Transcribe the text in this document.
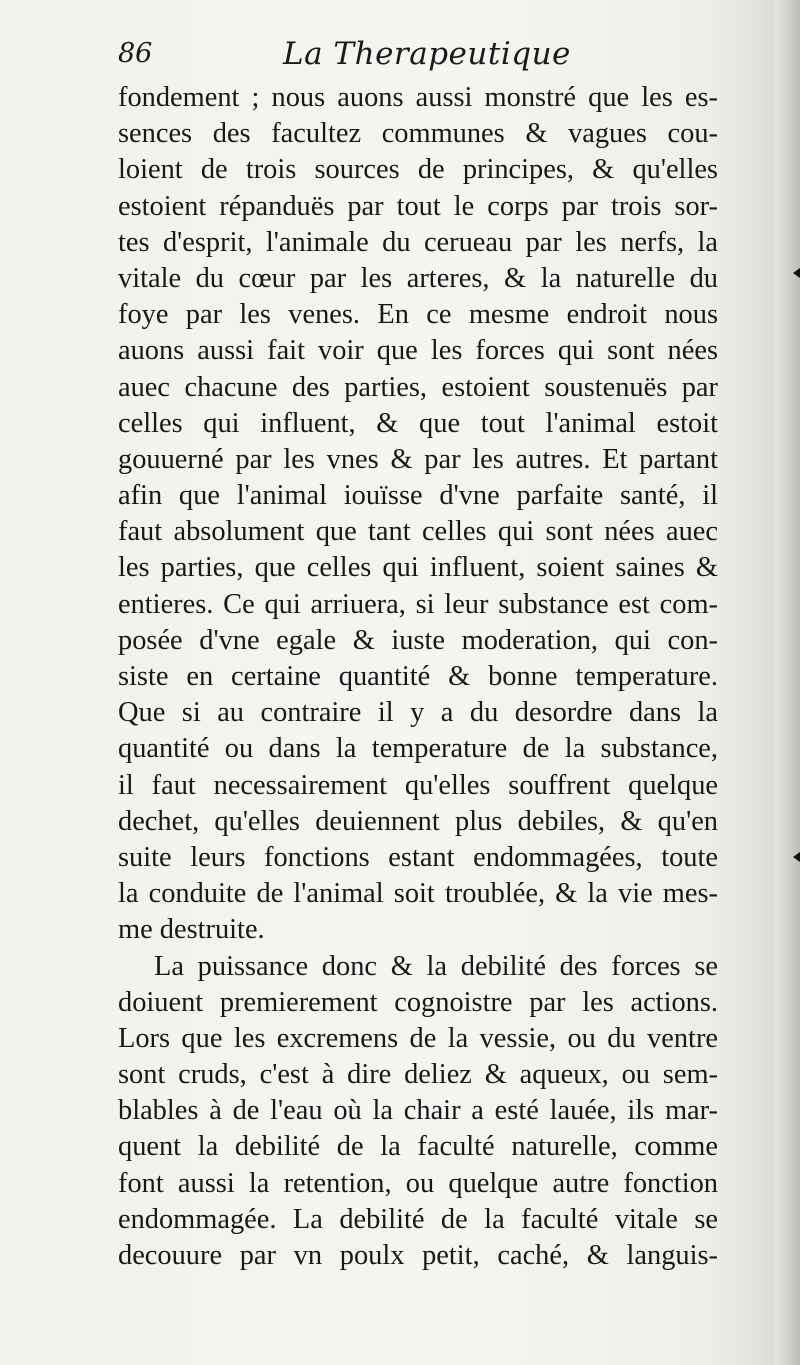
86	La Therapeutique
fondement ; nous auons aussi monstré que les es-
sences des facultez communes & vagues cou-
loient de trois sources de principes, & qu'elles
estoient répanduës par tout le corps par trois sor-
tes d'esprit, l'animale du cerueau par les nerfs, la
vitale du cœur par les arteres, & la naturelle du
foye par les venes. En ce mesme endroit nous
auons aussi fait voir que les forces qui sont nées
auec chacune des parties, estoient soustenuës par
celles qui influent, & que tout l'animal estoit
gouuerné par les vnes & par les autres. Et partant
afin que l'animal iouïsse d'vne parfaite santé, il
faut absolument que tant celles qui sont nées auec
les parties, que celles qui influent, soient saines &
entieres. Ce qui arriuera, si leur substance est com-
posée d'vne egale & iuste moderation, qui con-
siste en certaine quantité & bonne temperature.
Que si au contraire il y a du desordre dans la
quantité ou dans la temperature de la substance,
il faut necessairement qu'elles souffrent quelque
dechet, qu'elles deuiennent plus debiles, & qu'en
suite leurs fonctions estant endommagées, toute
la conduite de l'animal soit troublée, & la vie mes-
me destruite.
La puissance donc & la debilité des forces se
doiuent premierement cognoistre par les actions.
Lors que les excremens de la vessie, ou du ventre
sont cruds, c'est à dire deliez & aqueux, ou sem-
blables à de l'eau où la chair a esté lauée, ils mar-
quent la debilité de la faculté naturelle, comme
font aussi la retention, ou quelque autre fonction
endommagée. La debilité de la faculté vitale se
decouure par vn poulx petit, caché, & languis-
